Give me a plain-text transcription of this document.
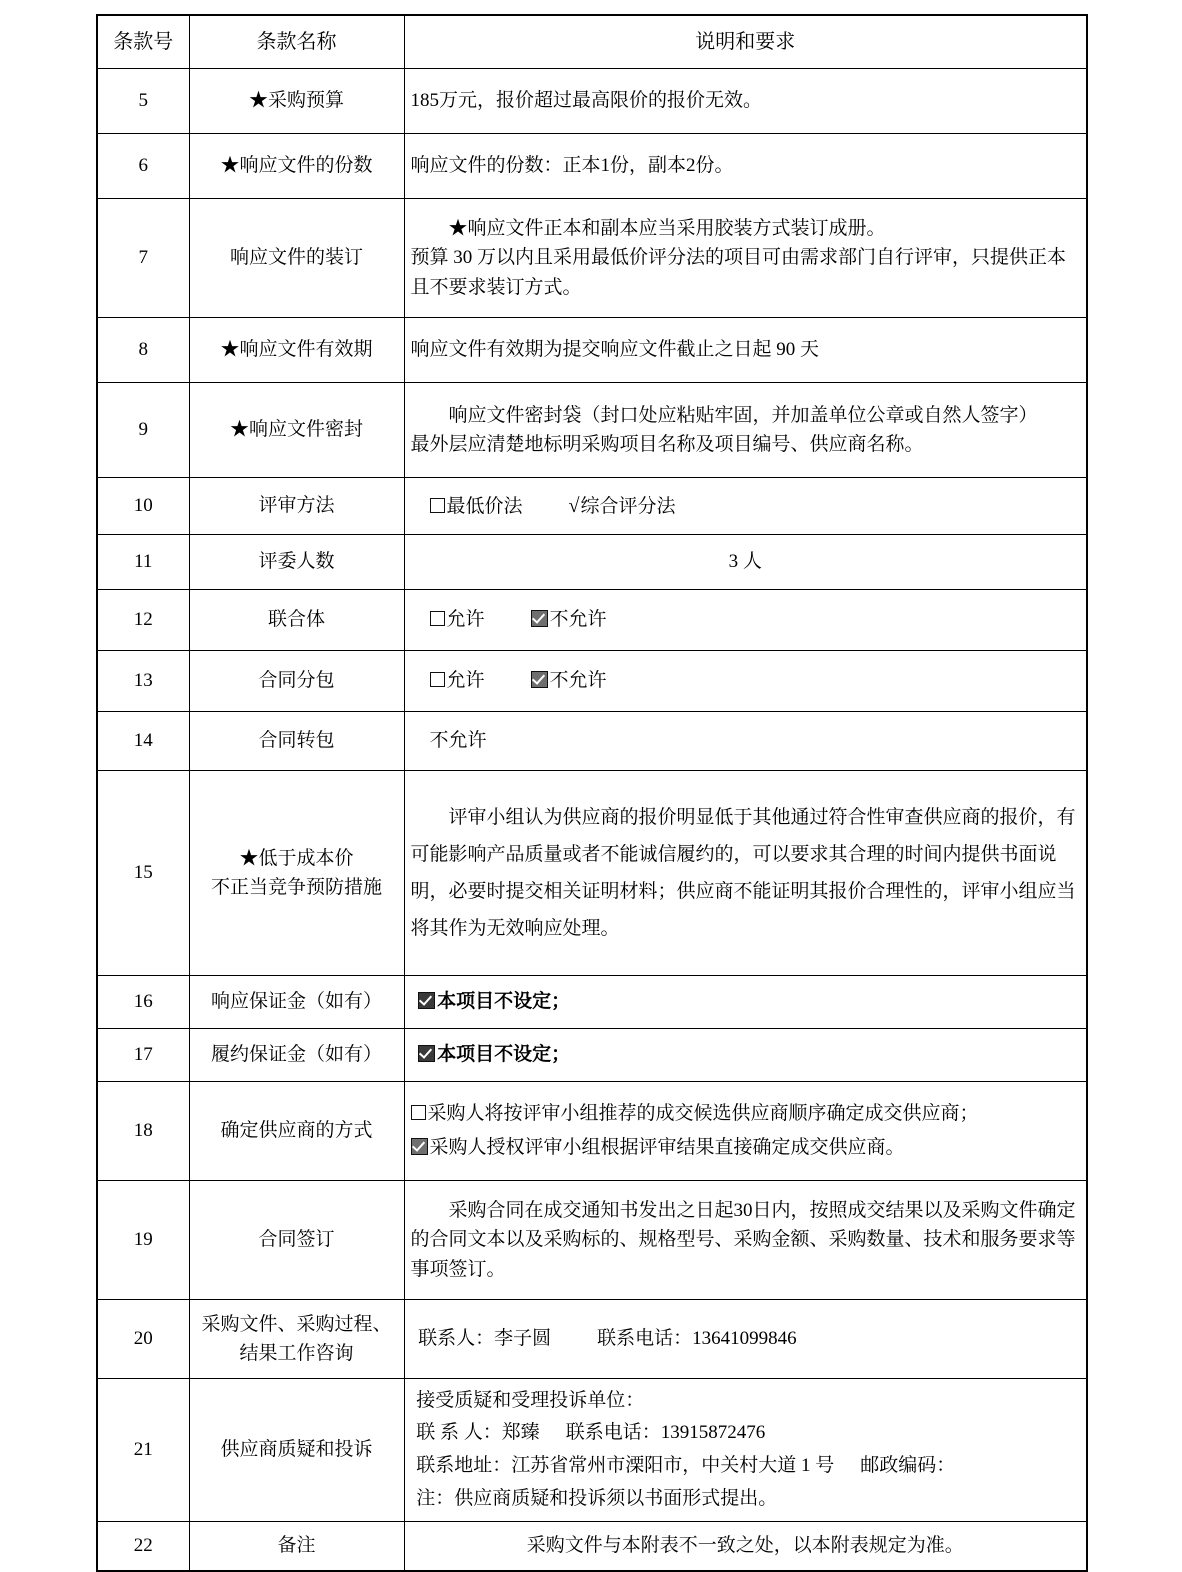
条款号	条款名称	说明和要求
5	★采购预算	185万元，报价超过最高限价的报价无效。
6	★响应文件的份数	响应文件的份数：正本1份，副本2份。
7	响应文件的装订	★响应文件正本和副本应当采用胶装方式装订成册。
预算 30 万以内且采用最低价评分法的项目可由需求部门自行评审，只提供正本且不要求装订方式。

8	★响应文件有效期	响应文件有效期为提交响应文件截止之日起 90 天
9	★响应文件密封	响应文件密封袋（封口处应粘贴牢固，并加盖单位公章或自然人签字）
最外层应清楚地标明采购项目名称及项目编号、供应商名称。

10	评审方法	最低价法 √综合评分法
11	评委人数	3 人
12	联合体	允许 不允许
13	合同分包	允许 不允许
14	合同转包	不允许
15	★低于成本价
不正当竞争预防措施	评审小组认为供应商的报价明显低于其他通过符合性审查供应商的报价，有可能影响产品质量或者不能诚信履约的，可以要求其合理的时间内提供书面说明，必要时提交相关证明材料；供应商不能证明其报价合理性的，评审小组应当将其作为无效响应处理。

16	响应保证金（如有）	本项目不设定；
17	履约保证金（如有）	本项目不设定；
18	确定供应商的方式	采购人将按评审小组推荐的成交候选供应商顺序确定成交供应商；
采购人授权评审小组根据评审结果直接确定成交供应商。

19	合同签订	采购合同在成交通知书发出之日起30日内，按照成交结果以及采购文件确定的合同文本以及采购标的、规格型号、采购金额、采购数量、技术和服务要求等事项签订。

20	采购文件、采购过程、
结果工作咨询	联系人：李子圆 联系电话：13641099846
21	供应商质疑和投诉	接受质疑和受理投诉单位：
联 系 人：郑臻 联系电话：13915872476
联系地址：江苏省常州市溧阳市，中关村大道 1 号 邮政编码：
注：供应商质疑和投诉须以书面形式提出。

22	备注	采购文件与本附表不一致之处，以本附表规定为准。
